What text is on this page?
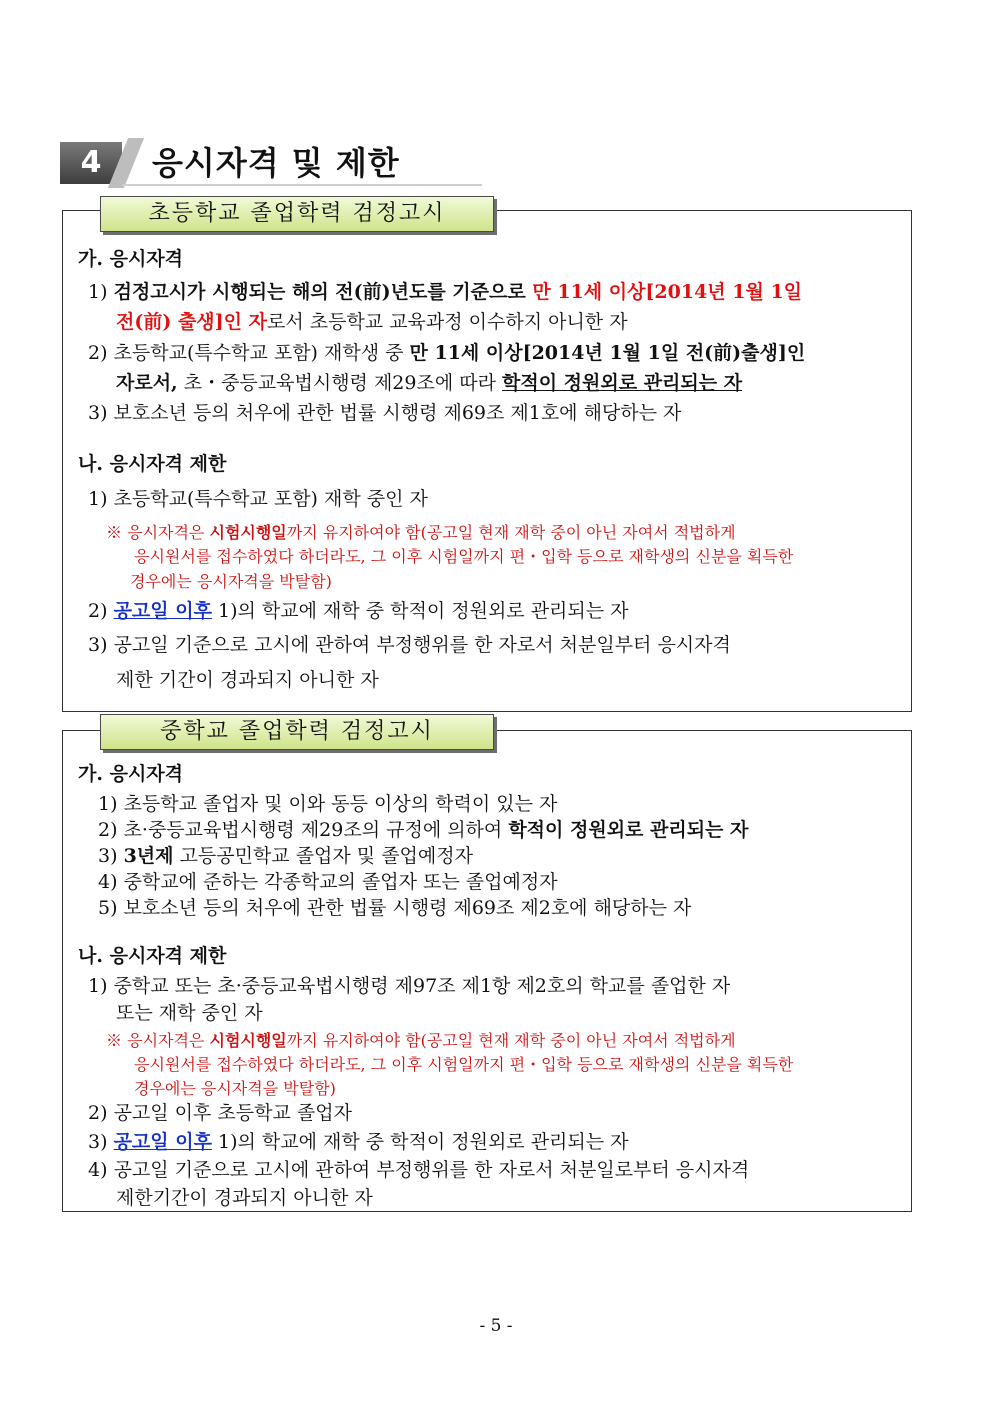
4	응시자격 및 제한
초등학교 졸업학력 검정고시
가. 응시자격
1) 검정고시가 시행되는 해의 전(前)년도를 기준으로 만 11세 이상[2014년 1월 1일
전(前) 출생]인 자로서 초등학교 교육과정 이수하지 아니한 자
2) 초등학교(특수학교 포함) 재학생 중 만 11세 이상[2014년 1월 1일 전(前)출생]인
자로서, 초・중등교육법시행령 제29조에 따라 학적이 정원외로 관리되는 자
3) 보호소년 등의 처우에 관한 법률 시행령 제69조 제1호에 해당하는 자
나. 응시자격 제한
1) 초등학교(특수학교 포함) 재학 중인 자
※ 응시자격은 시험시행일까지 유지하여야 함(공고일 현재 재학 중이 아닌 자여서 적법하게
응시원서를 접수하였다 하더라도, 그 이후 시험일까지 편・입학 등으로 재학생의 신분을 획득한
경우에는 응시자격을 박탈함)
2) 공고일 이후 1)의 학교에 재학 중 학적이 정원외로 관리되는 자
3) 공고일 기준으로 고시에 관하여 부정행위를 한 자로서 처분일부터 응시자격
제한 기간이 경과되지 아니한 자
중학교 졸업학력 검정고시
가. 응시자격
1) 초등학교 졸업자 및 이와 동등 이상의 학력이 있는 자
2) 초·중등교육법시행령 제29조의 규정에 의하여 학적이 정원외로 관리되는 자
3) 3년제 고등공민학교 졸업자 및 졸업예정자
4) 중학교에 준하는 각종학교의 졸업자 또는 졸업예정자
5) 보호소년 등의 처우에 관한 법률 시행령 제69조 제2호에 해당하는 자
나. 응시자격 제한
1) 중학교 또는 초·중등교육법시행령 제97조 제1항 제2호의 학교를 졸업한 자
또는 재학 중인 자
※ 응시자격은 시험시행일까지 유지하여야 함(공고일 현재 재학 중이 아닌 자여서 적법하게
응시원서를 접수하였다 하더라도, 그 이후 시험일까지 편・입학 등으로 재학생의 신분을 획득한
경우에는 응시자격을 박탈함)
2) 공고일 이후 초등학교 졸업자
3) 공고일 이후 1)의 학교에 재학 중 학적이 정원외로 관리되는 자
4) 공고일 기준으로 고시에 관하여 부정행위를 한 자로서 처분일로부터 응시자격
제한기간이 경과되지 아니한 자
- 5 -
